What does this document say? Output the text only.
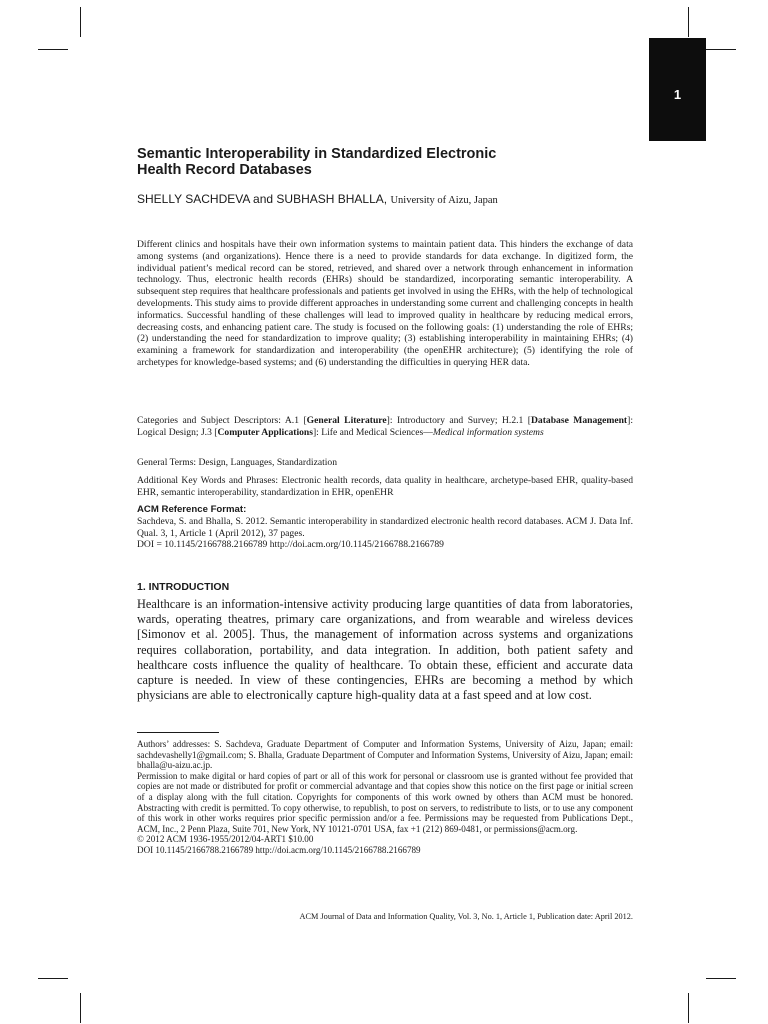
1
Semantic Interoperability in Standardized Electronic
Health Record Databases
SHELLY SACHDEVA and SUBHASH BHALLA, University of Aizu, Japan

Different clinics and hospitals have their own information systems to maintain patient data. This hinders the exchange of data among systems (and organizations). Hence there is a need to provide standards for data exchange. In digitized form, the individual patient’s medical record can be stored, retrieved, and shared over a network through enhancement in information technology. Thus, electronic health records (EHRs) should be standardized, incorporating semantic interoperability. A subsequent step requires that healthcare professionals and patients get involved in using the EHRs, with the help of technological developments. This study aims to provide different approaches in understanding some current and challenging concepts in health informatics. Successful handling of these challenges will lead to improved quality in healthcare by reducing medical errors, decreasing costs, and enhancing patient care. The study is focused on the following goals: (1) understanding the role of EHRs; (2) understanding the need for standardization to improve quality; (3) establishing interoperability in maintaining EHRs; (4) examining a framework for standardization and interoperability (the openEHR architecture); (5) identifying the role of archetypes for knowledge-based systems; and (6) understanding the difficulties in querying HER data.

Categories and Subject Descriptors: A.1 [General Literature]: Introductory and Survey; H.2.1 [Database Management]: Logical Design; J.3 [Computer Applications]: Life and Medical Sciences—Medical information systems

General Terms: Design, Languages, Standardization

Additional Key Words and Phrases: Electronic health records, data quality in healthcare, archetype-based EHR, quality-based EHR, semantic interoperability, standardization in EHR, openEHR

ACM Reference Format:
Sachdeva, S. and Bhalla, S. 2012. Semantic interoperability in standardized electronic health record databases. ACM J. Data Inf. Qual. 3, 1, Article 1 (April 2012), 37 pages.
DOI = 10.1145/2166788.2166789 http://doi.acm.org/10.1145/2166788.2166789
1. INTRODUCTION

Healthcare is an information-intensive activity producing large quantities of data from laboratories, wards, operating theatres, primary care organizations, and from wearable and wireless devices [Simonov et al. 2005]. Thus, the management of information across systems and organizations requires collaboration, portability, and data integration. In addition, both patient safety and healthcare costs influence the quality of healthcare. To obtain these, efficient and accurate data capture is needed. In view of these contingencies, EHRs are becoming a method by which physicians are able to electronically capture high-quality data at a fast speed and at low cost.

Authors’ addresses: S. Sachdeva, Graduate Department of Computer and Information Systems, University of Aizu, Japan; email: sachdevashelly1@gmail.com; S. Bhalla, Graduate Department of Computer and Information Systems, University of Aizu, Japan; email: bhalla@u-aizu.ac.jp.
Permission to make digital or hard copies of part or all of this work for personal or classroom use is granted without fee provided that copies are not made or distributed for profit or commercial advantage and that copies show this notice on the first page or initial screen of a display along with the full citation. Copyrights for components of this work owned by others than ACM must be honored. Abstracting with credit is permitted. To copy otherwise, to republish, to post on servers, to redistribute to lists, or to use any component of this work in other works requires prior specific permission and/or a fee. Permissions may be requested from Publications Dept., ACM, Inc., 2 Penn Plaza, Suite 701, New York, NY 10121-0701 USA, fax +1 (212) 869-0481, or permissions@acm.org.
© 2012 ACM 1936-1955/2012/04-ART1 $10.00
DOI 10.1145/2166788.2166789 http://doi.acm.org/10.1145/2166788.2166789
ACM Journal of Data and Information Quality, Vol. 3, No. 1, Article 1, Publication date: April 2012.
